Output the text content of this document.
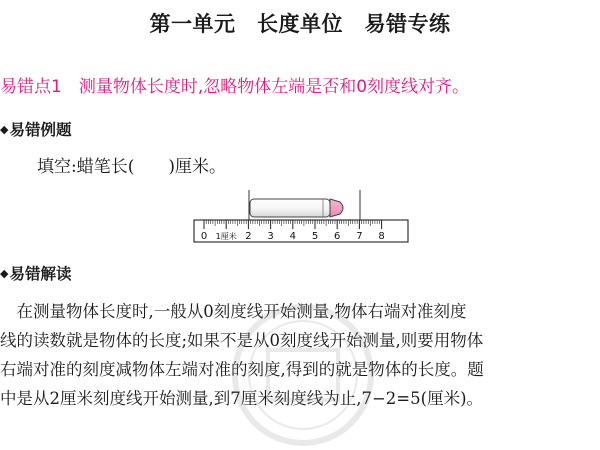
第一单元　长度单位　易错专练
易错点1　 测量物体长度时,忽略物体左端是否和0刻度线对齐。
◆易错例题
填空:蜡笔长(　　)厘米。
0 1厘米 2 3 4 5 6 7 8
◆易错解读
　在测量物体长度时,一般从0刻度线开始测量,物体右端对准刻度
线的读数就是物体的长度;如果不是从0刻度线开始测量,则要用物体
右端对准的刻度减物体左端对准的刻度,得到的就是物体的长度。题
中是从2厘米刻度线开始测量,到7厘米刻度线为止,7−2=5(厘米)。
